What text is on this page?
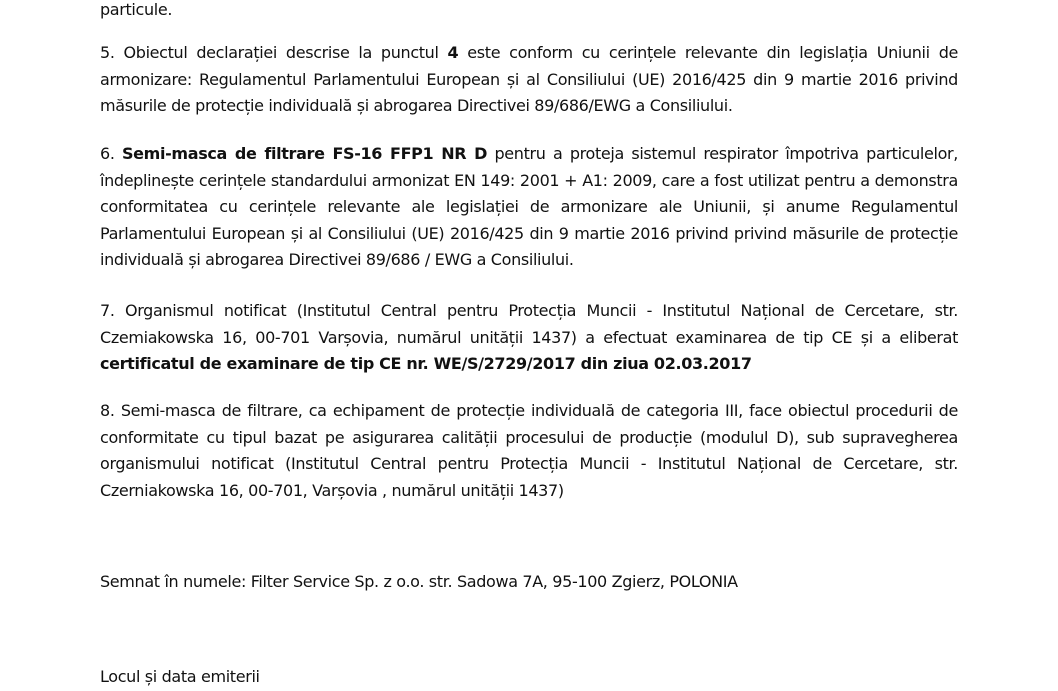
particule.

5. Obiectul declarației descrise la punctul 4 este conform cu cerințele relevante din legislația Uniunii de armonizare: Regulamentul Parlamentului European și al Consiliului (UE) 2016/425 din 9 martie 2016 privind măsurile de protecție individuală și abrogarea Directivei 89/686/EWG a Consiliului.

6. Semi-masca de filtrare FS-16 FFP1 NR D pentru a proteja sistemul respirator împotriva particulelor, îndeplinește cerințele standardului armonizat EN 149: 2001 + A1: 2009, care a fost utilizat pentru a demonstra conformitatea cu cerințele relevante ale legislației de armonizare ale Uniunii, și anume Regulamentul Parlamentului European și al Consiliului (UE) 2016/425 din 9 martie 2016 privind privind măsurile de protecție individuală și abrogarea Directivei 89/686 / EWG a Consiliului.

7. Organismul notificat (Institutul Central pentru Protecția Muncii - Institutul Național de Cercetare, str. Czemiakowska 16, 00-701 Varșovia, numărul unității 1437) a efectuat examinarea de tip CE și a eliberat certificatul de examinare de tip CE nr. WE/S/2729/2017 din ziua 02.03.2017

8. Semi-masca de filtrare, ca echipament de protecție individuală de categoria III, face obiectul procedurii de conformitate cu tipul bazat pe asigurarea calității procesului de producție (modulul D), sub supravegherea organismului notificat (Institutul Central pentru Protecția Muncii - Institutul Național de Cercetare, str. Czerniakowska 16, 00-701, Varșovia , numărul unității 1437)

Semnat în numele: Filter Service Sp. z o.o. str. Sadowa 7A, 95-100 Zgierz, POLONIA

Locul și data emiterii
